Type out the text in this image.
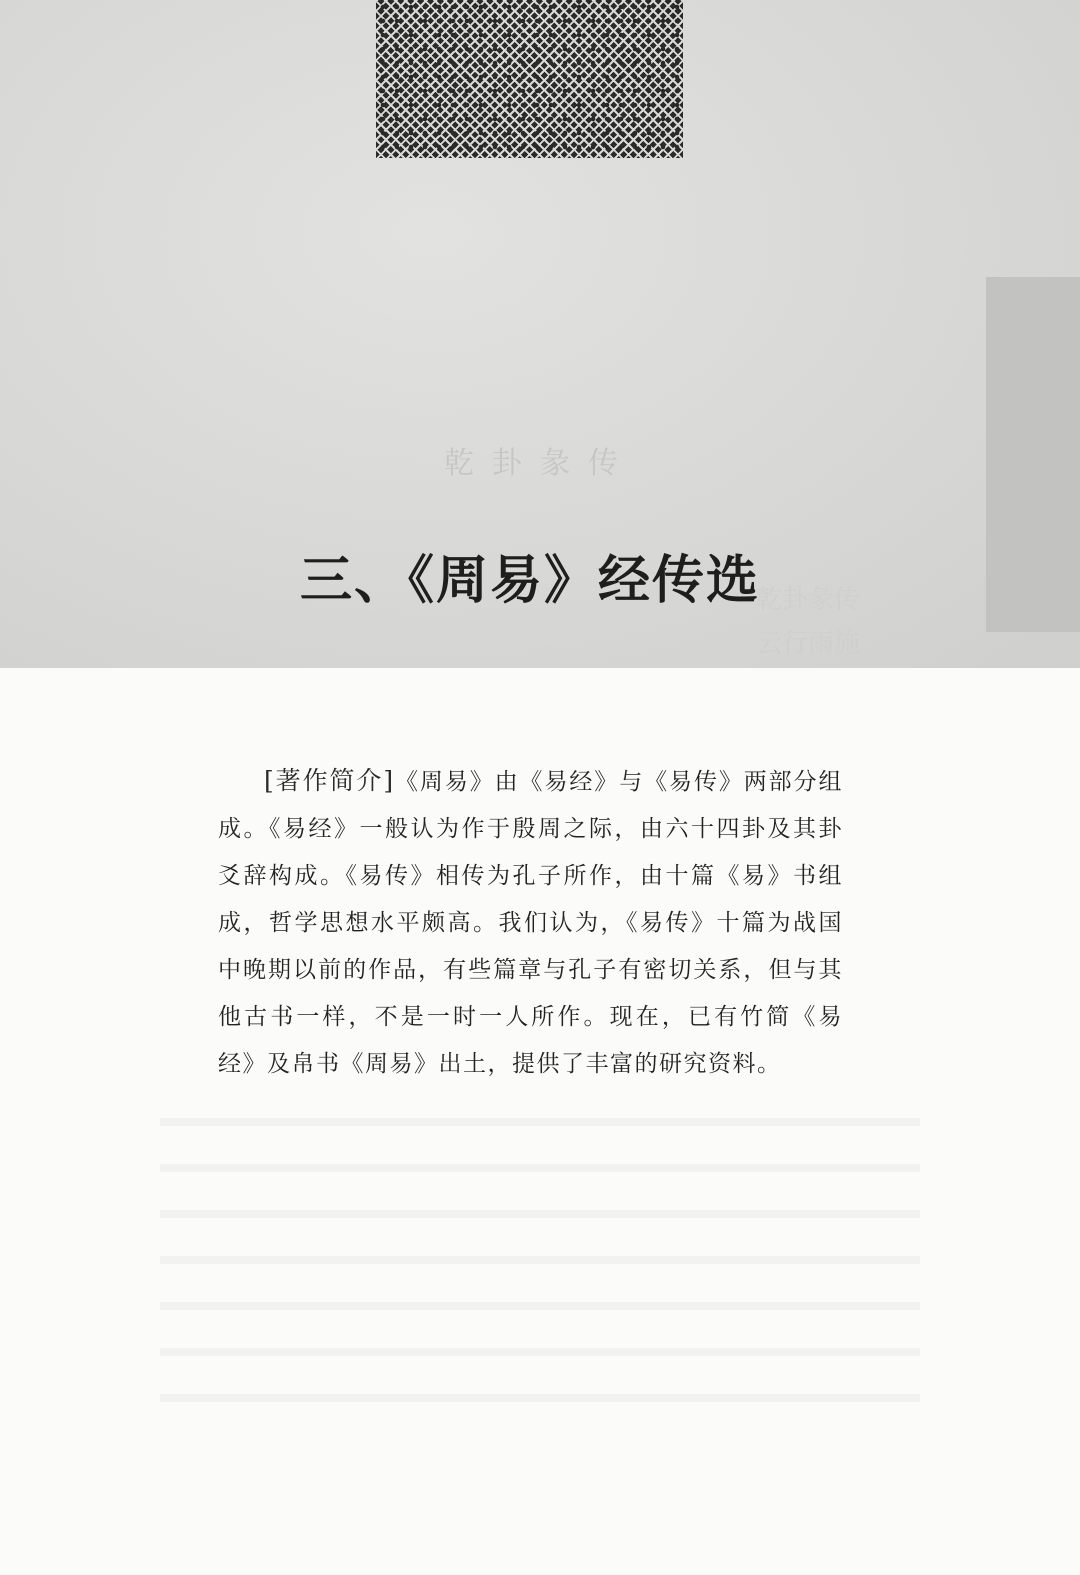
乾卦彖传
乾卦彖传
云行雨施
三、《周易》经传选
[著作简介]《周易》由《易经》与《易传》两部分组成。《易经》一般认为作于殷周之际，由六十四卦及其卦爻辞构成。《易传》相传为孔子所作，由十篇《易》书组成，哲学思想水平颇高。我们认为，《易传》十篇为战国中晚期以前的作品，有些篇章与孔子有密切关系，但与其他古书一样，不是一时一人所作。现在，已有竹简《易经》及帛书《周易》出土，提供了丰富的研究资料。
